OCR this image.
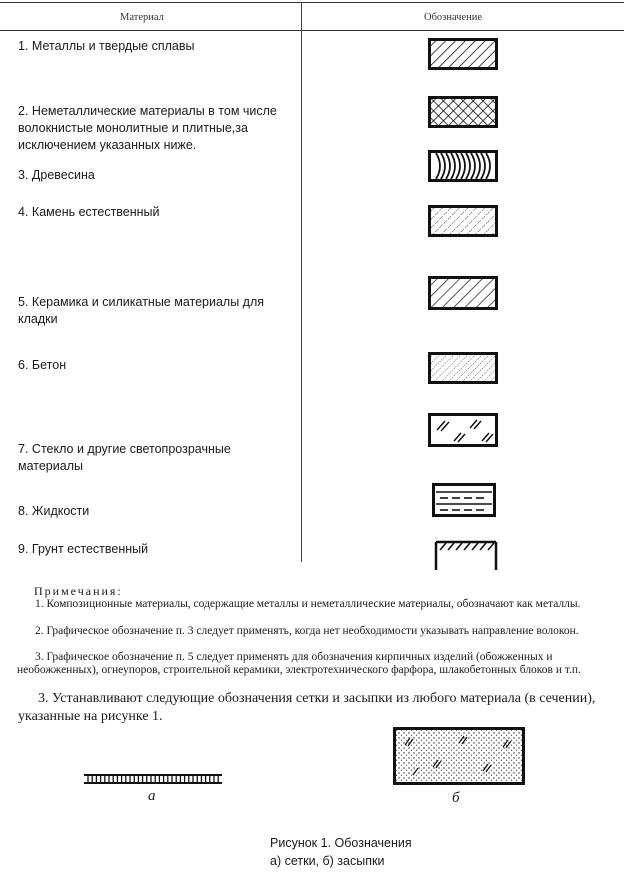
Материал	Обозначение
1. Металлы и твердые сплавы

2. Неметаллические материалы в том числе
волокнистые монолитные и плитные,за
исключением указанных ниже.

3. Древесина
4. Камень естественный

5. Керамика и силикатные материалы для
кладки

6. Бетон

7. Стекло и другие светопрозрачные
материалы

8. Жидкости
9. Грунт естественный
Примечания:
1. Композиционные материалы, содержащие металлы и неметаллические материалы, обозначают как металлы.
2. Графическое обозначение п. 3 следует применять, когда нет необходимости указывать направление волокон.
3. Графическое обозначение п. 5 следует применять для обозначения кирпичных изделий (обожженных и необожженных), огнеупоров, строительной керамики, электротехнического фарфора, шлакобетонных блоков и т.п.
3. Устанавливают следующие обозначения сетки и засыпки из любого материала (в сечении), указанные на рисунке 1.
а	б
Рисунок 1. Обозначения
а) сетки, б) засыпки
